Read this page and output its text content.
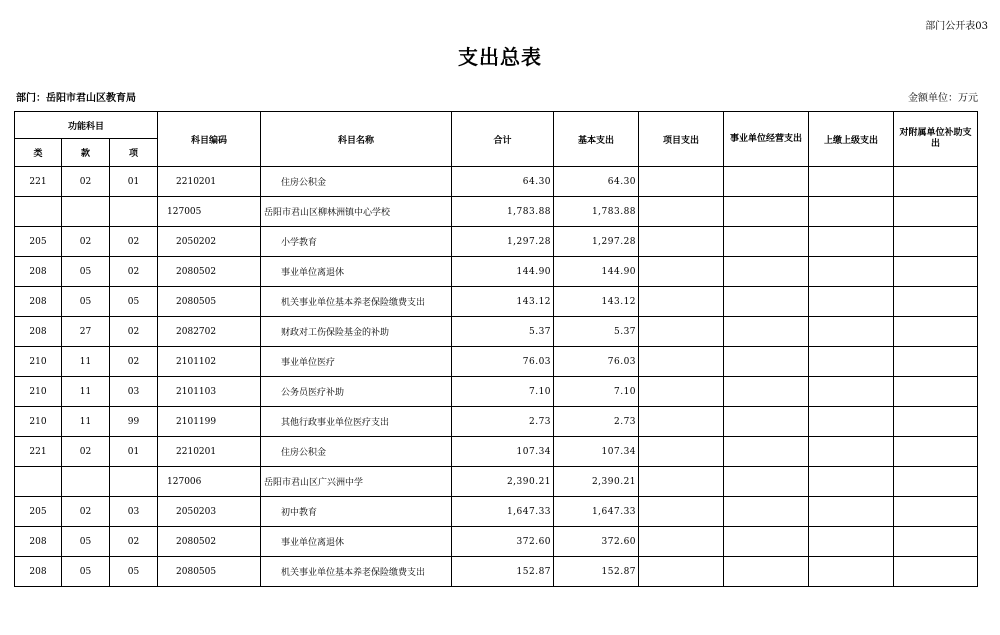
部门公开表03
支出总表
部门：岳阳市君山区教育局	金额单位：万元
功能科目			科目编码	科目名称	合计	基本支出	项目支出	事业单位经营支出	上缴上级支出	对附属单位补助支出
类	款	项								
221	02	01	2210201	住房公积金	64.30	64.30				
			127005	岳阳市君山区柳林洲镇中心学校	1,783.88	1,783.88				
205	02	02	2050202	小学教育	1,297.28	1,297.28				
208	05	02	2080502	事业单位离退休	144.90	144.90				
208	05	05	2080505	机关事业单位基本养老保险缴费支出	143.12	143.12				
208	27	02	2082702	财政对工伤保险基金的补助	5.37	5.37				
210	11	02	2101102	事业单位医疗	76.03	76.03				
210	11	03	2101103	公务员医疗补助	7.10	7.10				
210	11	99	2101199	其他行政事业单位医疗支出	2.73	2.73				
221	02	01	2210201	住房公积金	107.34	107.34				
			127006	岳阳市君山区广兴洲中学	2,390.21	2,390.21				
205	02	03	2050203	初中教育	1,647.33	1,647.33				
208	05	02	2080502	事业单位离退休	372.60	372.60				
208	05	05	2080505	机关事业单位基本养老保险缴费支出	152.87	152.87				
